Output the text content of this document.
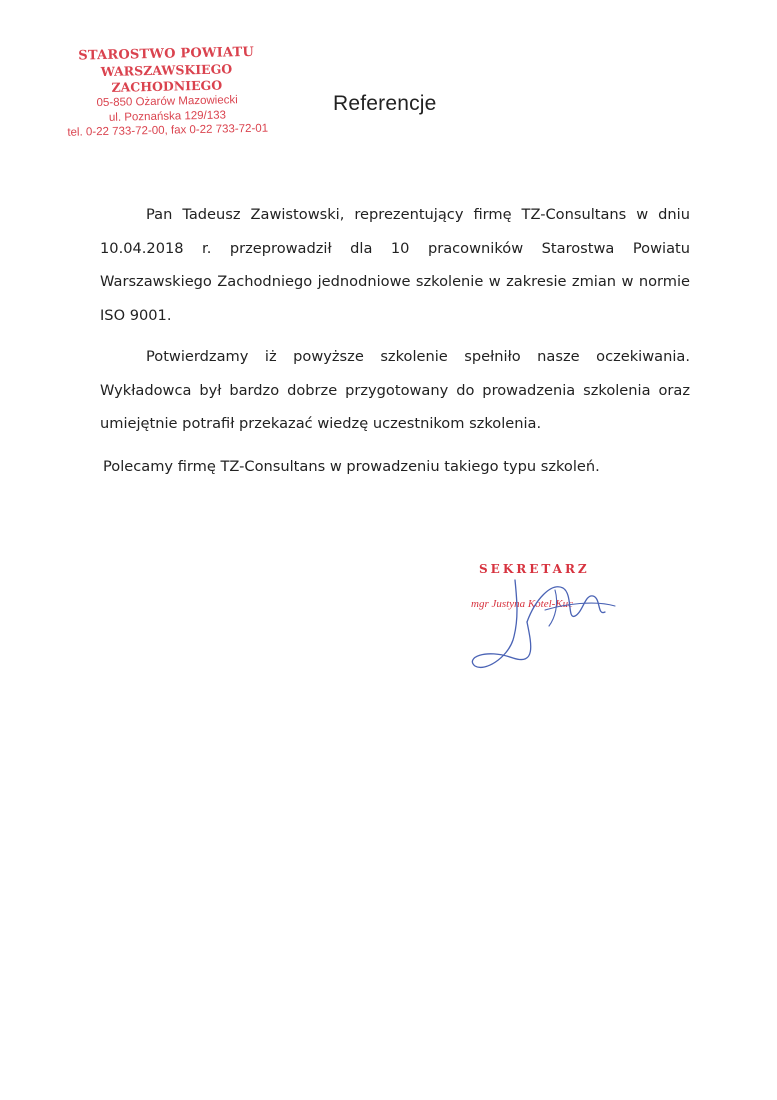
STAROSTWO POWIATU
WARSZAWSKIEGO ZACHODNIEGO
05-850 Ożarów Mazowiecki
ul. Poznańska 129/133
tel. 0-22 733-72-00, fax 0-22 733-72-01
Referencje
Pan Tadeusz Zawistowski, reprezentujący firmę TZ-Consultans w dniu 10.04.2018 r. przeprowadził dla 10 pracowników Starostwa Powiatu Warszawskiego Zachodniego jednodniowe szkolenie w zakresie zmian w normie ISO 9001.
Potwierdzamy iż powyższe szkolenie spełniło nasze oczekiwania. Wykładowca był bardzo dobrze przygotowany do prowadzenia szkolenia oraz umiejętnie potrafił przekazać wiedzę uczestnikom szkolenia.
Polecamy firmę TZ-Consultans w prowadzeniu takiego typu szkoleń.
SEKRETARZ
mgr Justyna Kotel-Kuc
